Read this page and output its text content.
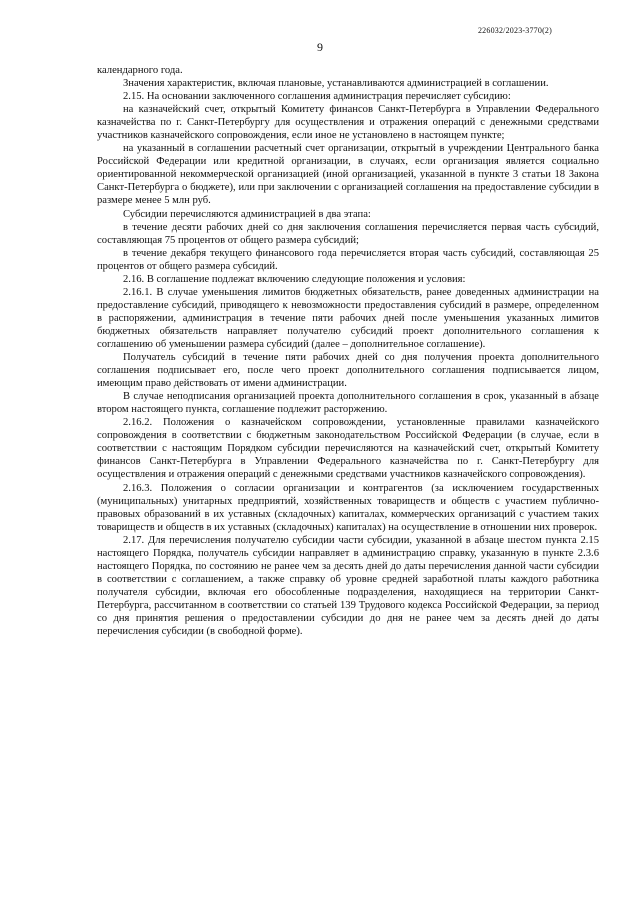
226032/2023-3770(2)
9

календарного года.

Значения характеристик, включая плановые, устанавливаются администрацией в соглашении.

2.15. На основании заключенного соглашения администрация перечисляет субсидию:

на казначейский счет, открытый Комитету финансов Санкт-Петербурга в Управлении Федерального казначейства по г. Санкт-Петербургу для осуществления и отражения операций с денежными средствами участников казначейского сопровождения, если иное не установлено в настоящем пункте;

на указанный в соглашении расчетный счет организации, открытый в учреждении Центрального банка Российской Федерации или кредитной организации, в случаях, если организация является социально ориентированной некоммерческой организацией (иной организацией, указанной в пункте 3 статьи 18 Закона Санкт-Петербурга о бюджете), или при заключении с организацией соглашения на предоставление субсидии в размере менее 5 млн руб.

Субсидии перечисляются администрацией в два этапа:

в течение десяти рабочих дней со дня заключения соглашения перечисляется первая часть субсидий, составляющая 75 процентов от общего размера субсидий;

в течение декабря текущего финансового года перечисляется вторая часть субсидий, составляющая 25 процентов от общего размера субсидий.

2.16. В соглашение подлежат включению следующие положения и условия:

2.16.1. В случае уменьшения лимитов бюджетных обязательств, ранее доведенных администрации на предоставление субсидий, приводящего к невозможности предоставления субсидий в размере, определенном в распоряжении, администрация в течение пяти рабочих дней после уменьшения указанных лимитов бюджетных обязательств направляет получателю субсидий проект дополнительного соглашения к соглашению об уменьшении размера субсидий (далее – дополнительное соглашение).

Получатель субсидий в течение пяти рабочих дней со дня получения проекта дополнительного соглашения подписывает его, после чего проект дополнительного соглашения подписывается лицом, имеющим право действовать от имени администрации.

В случае неподписания организацией проекта дополнительного соглашения в срок, указанный в абзаце втором настоящего пункта, соглашение подлежит расторжению.

2.16.2. Положения о казначейском сопровождении, установленные правилами казначейского сопровождения в соответствии с бюджетным законодательством Российской Федерации (в случае, если в соответствии с настоящим Порядком субсидии перечисляются на казначейский счет, открытый Комитету финансов Санкт-Петербурга в Управлении Федерального казначейства по г. Санкт-Петербургу для осуществления и отражения операций с денежными средствами участников казначейского сопровождения).

2.16.3. Положения о согласии организации и контрагентов (за исключением государственных (муниципальных) унитарных предприятий, хозяйственных товариществ и обществ с участием публично-правовых образований в их уставных (складочных) капиталах, коммерческих организаций с участием таких товариществ и обществ в их уставных (складочных) капиталах) на осуществление в отношении них проверок.

2.17. Для перечисления получателю субсидии части субсидии, указанной в абзаце шестом пункта 2.15 настоящего Порядка, получатель субсидии направляет в администрацию справку, указанную в пункте 2.3.6 настоящего Порядка, по состоянию не ранее чем за десять дней до даты перечисления данной части субсидии в соответствии с соглашением, а также справку об уровне средней заработной платы каждого работника получателя субсидии, включая его обособленные подразделения, находящиеся на территории Санкт-Петербурга, рассчитанном в соответствии со статьей 139 Трудового кодекса Российской Федерации, за период со дня принятия решения о предоставлении субсидии до дня не ранее чем за десять дней до даты перечисления субсидии (в свободной форме).
